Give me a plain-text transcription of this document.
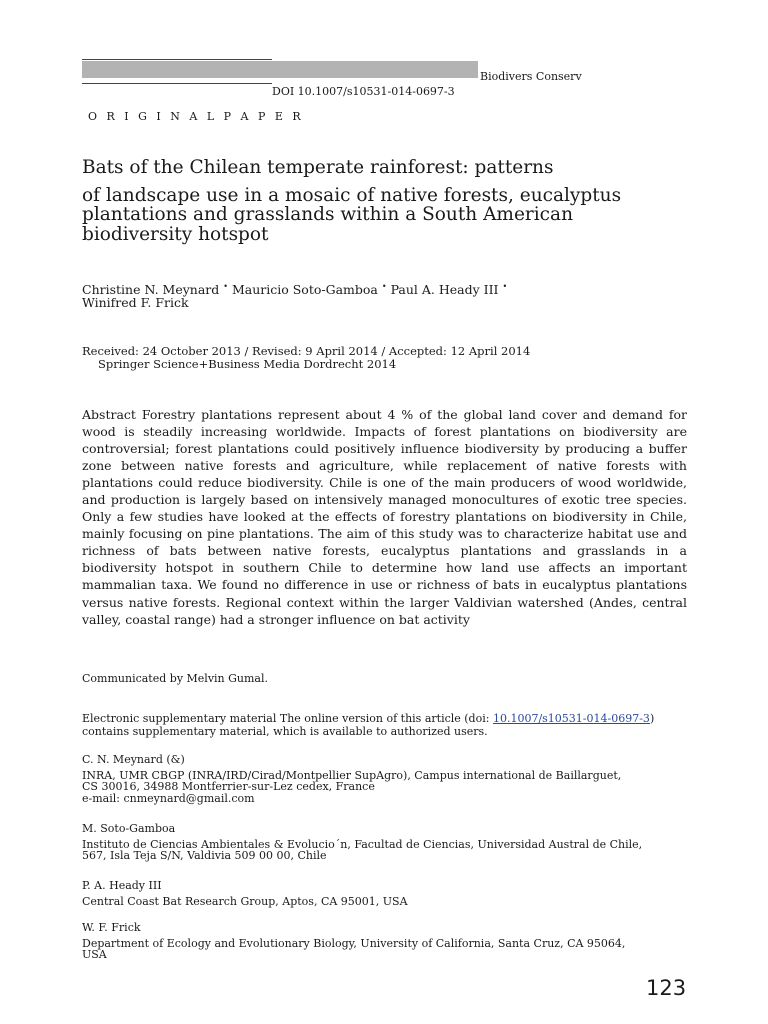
Biodivers Conserv
DOI 10.1007/s10531-014-0697-3
O R I G I N A L P A P E R
Bats of the Chilean temperate rainforest: patterns
of landscape use in a mosaic of native forests, eucalyptus plantations and grasslands within a South American biodiversity hotspot
Christine N. Meynard • Mauricio Soto-Gamboa • Paul A. Heady III •
Winifred F. Frick
Received: 24 October 2013 / Revised: 9 April 2014 / Accepted: 12 April 2014
Springer Science+Business Media Dordrecht 2014
Abstract Forestry plantations represent about 4 % of the global land cover and demand for wood is steadily increasing worldwide. Impacts of forest plantations on biodiversity are controversial; forest plantations could positively influence biodiversity by producing a buffer zone between native forests and agriculture, while replacement of native forests with plantations could reduce biodiversity. Chile is one of the main producers of wood worldwide, and production is largely based on intensively managed monocultures of exotic tree species. Only a few studies have looked at the effects of forestry plantations on biodiversity in Chile, mainly focusing on pine plantations. The aim of this study was to characterize habitat use and richness of bats between native forests, eucalyptus plantations and grasslands in a biodiversity hotspot in southern Chile to determine how land use affects an important mammalian taxa. We found no difference in use or richness of bats in eucalyptus plantations versus native forests. Regional context within the larger Valdivian watershed (Andes, central valley, coastal range) had a stronger influence on bat activity
Communicated by Melvin Gumal.
Electronic supplementary material The online version of this article (doi: 10.1007/s10531-014-0697-3)
contains supplementary material, which is available to authorized users.
C. N. Meynard (&)
INRA, UMR CBGP (INRA/IRD/Cirad/Montpellier SupAgro), Campus international de Baillarguet,
CS 30016, 34988 Montferrier-sur-Lez cedex, France
e-mail: cnmeynard@gmail.com
M. Soto-Gamboa
Instituto de Ciencias Ambientales & Evolucio´n, Facultad de Ciencias, Universidad Austral de Chile,
567, Isla Teja S/N, Valdivia 509 00 00, Chile
P. A. Heady III
Central Coast Bat Research Group, Aptos, CA 95001, USA
W. F. Frick
Department of Ecology and Evolutionary Biology, University of California, Santa Cruz, CA 95064,
USA
123
